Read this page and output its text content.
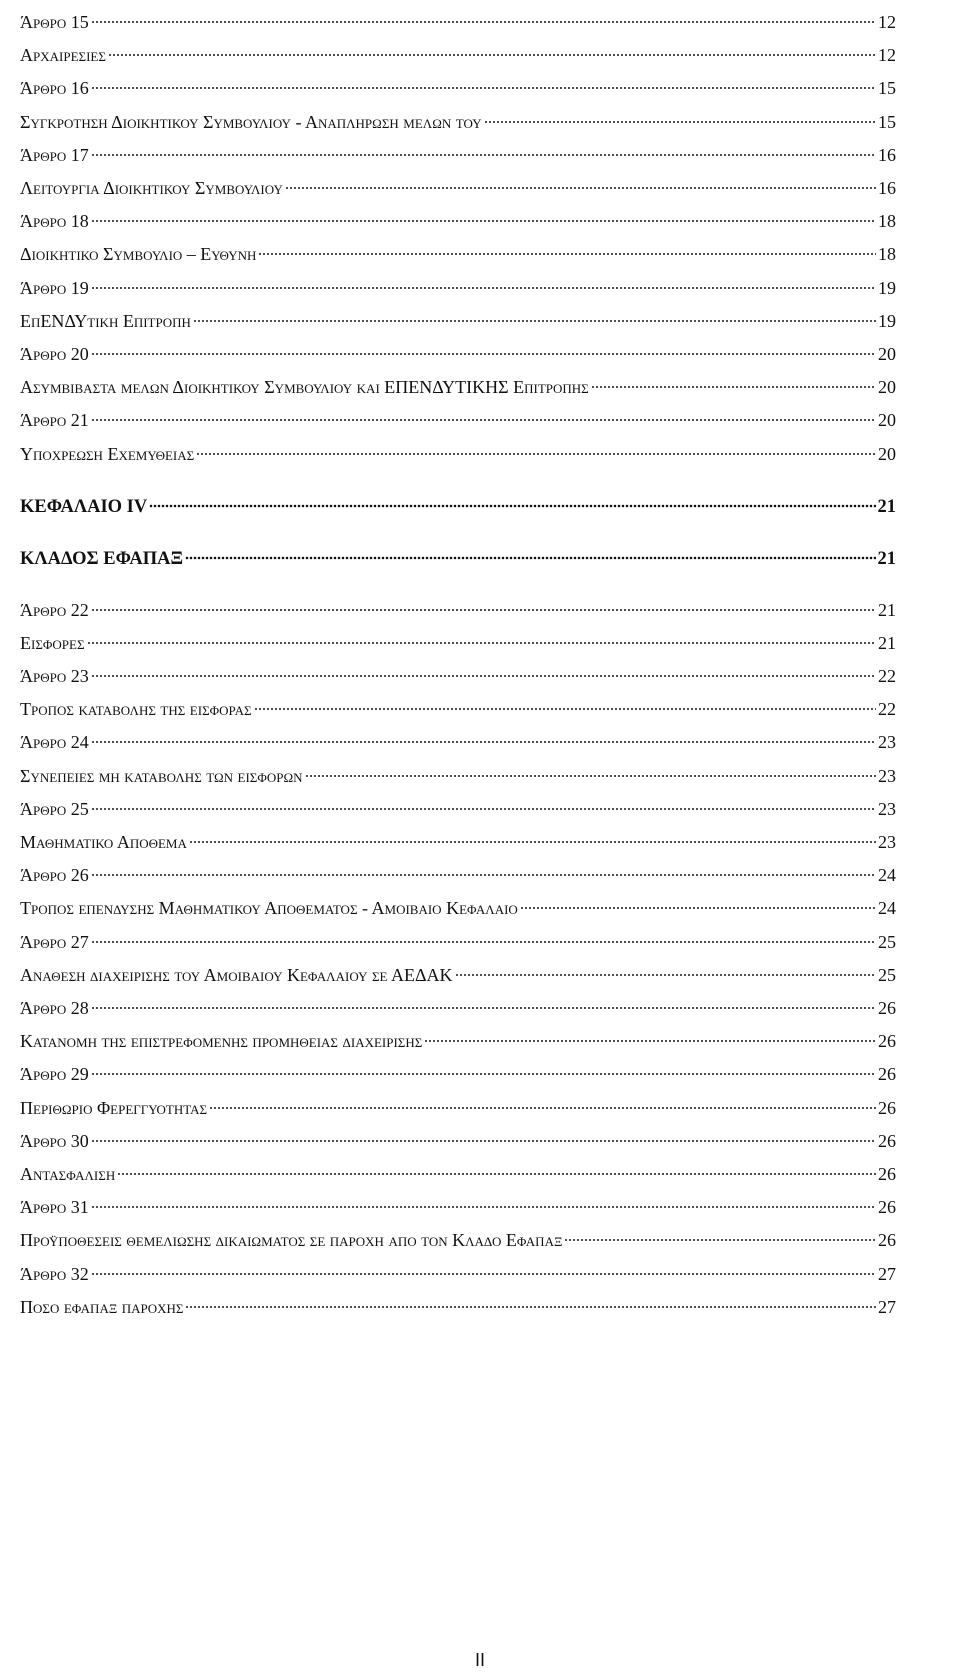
Άρθρο 15	12
Αρχαιρεσιεσ	12
Άρθρο 16	15
Συγκροτηση Διοικητικου Συμβουλιου - Αναπληρωση μελων του	15
Άρθρο 17	16
Λειτουργια Διοικητικου Συμβουλιου	16
Άρθρο 18	18
Διοικητικο Συμβουλιο – Ευθυνη	18
Άρθρο 19	19
ΕπΕΝΔΥτικη Επιτροπη	19
Άρθρο 20	20
Ασυμβιβαστα μελων Διοικητικου Συμβουλιου και ΕΠΕΝΔΥΤΙΚΗΣ Επιτροπησ	20
Άρθρο 21	20
Υποχρεωση Εχεμυθειασ	20
ΚΕΦΑΛΑΙΟ IV	21
ΚΛΑΔΟΣ ΕΦΑΠΑΞ	21
Άρθρο 22	21
Εισφορεσ	21
Άρθρο 23	22
Τροποσ καταβολησ τησ εισφορασ	22
Άρθρο 24	23
Συνεπειεσ μη καταβολησ των εισφορων	23
Άρθρο 25	23
Μαθηματικο Αποθεμα	23
Άρθρο 26	24
Τροποσ επενδυσησ Μαθηματικου Αποθεματοσ - Αμοιβαιο Κεφαλαιο	24
Άρθρο 27	25
Αναθεση διαχειρισησ του Αμοιβαιου Κεφαλαιου σε ΑΕΔΑΚ	25
Άρθρο 28	26
Κατανομη τησ επιστρεφομενησ προμηθειασ διαχειρισησ	26
Άρθρο 29	26
Περιθωριο Φερεγγυοτητασ	26
Άρθρο 30	26
Αντασφαλιση	26
Άρθρο 31	26
Προϋποθεσεισ θεμελιωσησ δικαιωματοσ σε παροχη απο τον Κλαδο Εφαπαξ	26
Άρθρο 32	27
Ποσο εφαπαξ παροχησ	27
II
